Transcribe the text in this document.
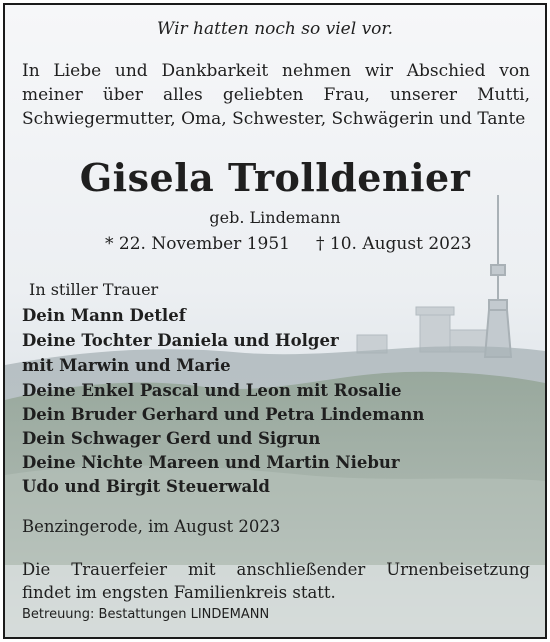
Wir hatten noch so viel vor.
In Liebe und Dankbarkeit nehmen wir Abschied von
meiner über alles geliebten Frau, unserer Mutti,
Schwiegermutter, Oma, Schwester, Schwägerin und Tante
Gisela Trolldenier
geb. Lindemann
* 22. November 1951 † 10. August 2023
In stiller Trauer
Dein Mann Detlef
Deine Tochter Daniela und Holger
mit Marwin und Marie
Deine Enkel Pascal und Leon mit Rosalie
Dein Bruder Gerhard und Petra Lindemann
Dein Schwager Gerd und Sigrun
Deine Nichte Mareen und Martin Niebur
Udo und Birgit Steuerwald
Benzingerode, im August 2023
Die Trauerfeier mit anschließender Urnenbeisetzung
findet im engsten Familienkreis statt.
Betreuung: Bestattungen LINDEMANN
